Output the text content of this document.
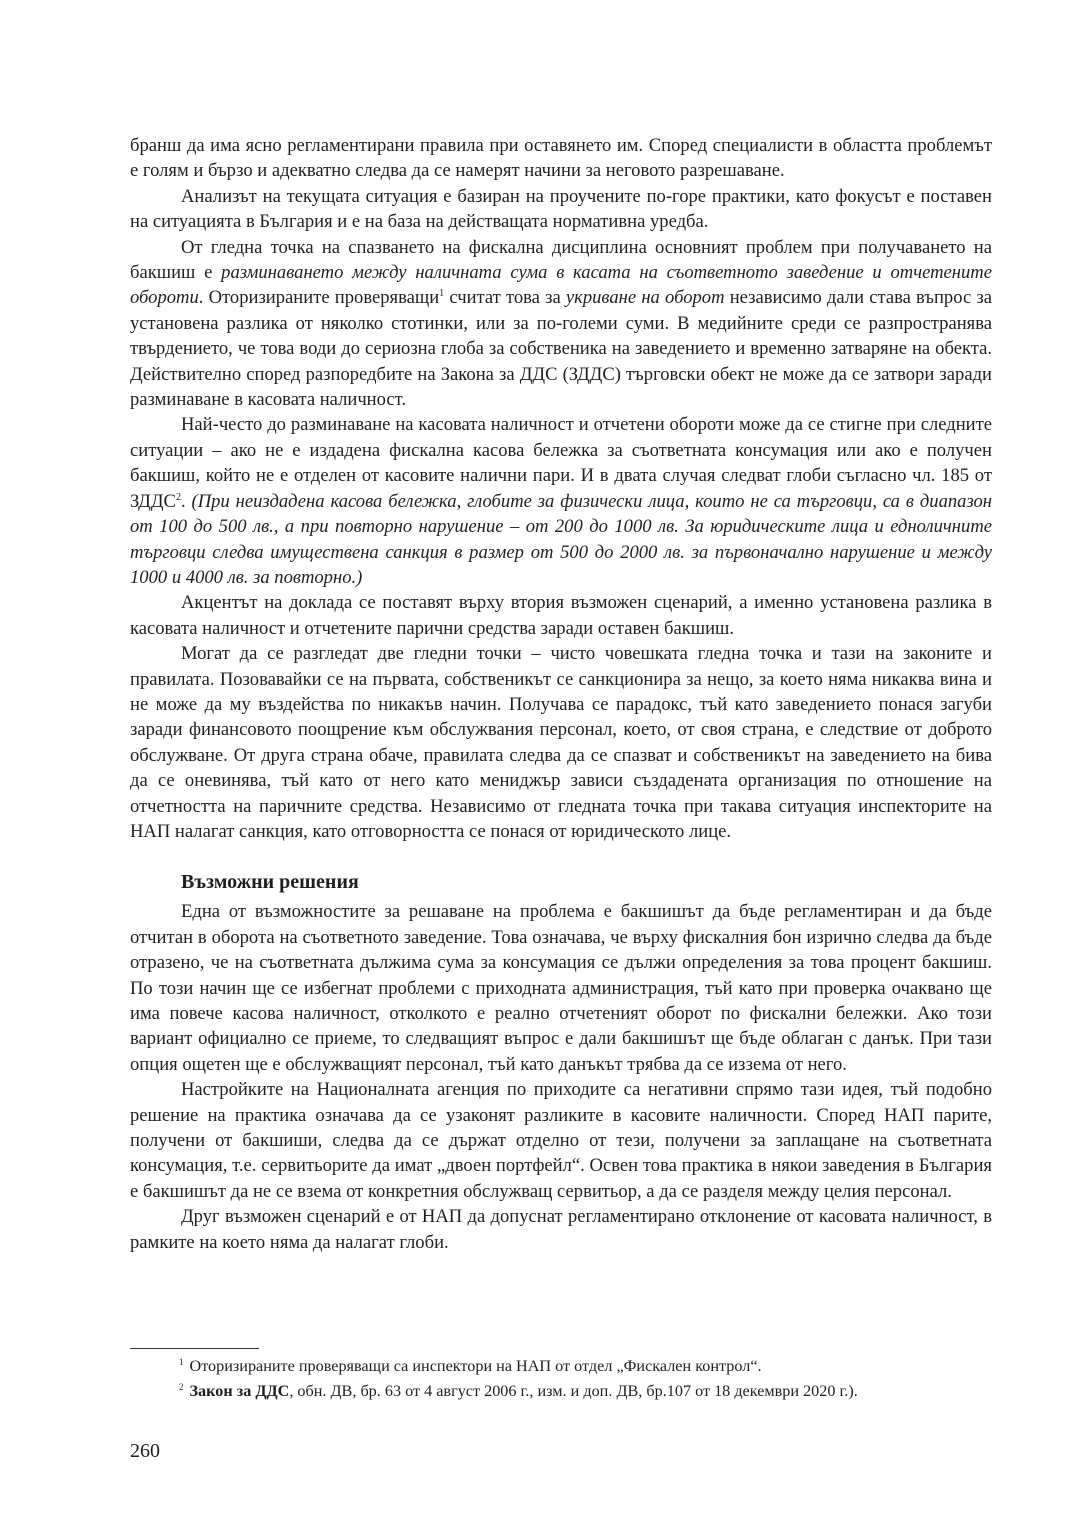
бранш да има ясно регламентирани правила при оставянето им. Според специалисти в областта проблемът е голям и бързо и адекватно следва да се намерят начини за неговото разрешаване.

Анализът на текущата ситуация е базиран на проучените по-горе практики, като фокусът е поставен на ситуацията в България и е на база на действащата нормативна уредба.

От гледна точка на спазването на фискална дисциплина основният проблем при получаването на бакшиш е разминаването между наличната сума в касата на съответното заведение и отчетените обороти. Оторизираните проверяващи$^1$ считат това за укриване на оборот независимо дали става въпрос за установена разлика от няколко стотинки, или за по-големи суми. В медийните среди се разпространява твърдението, че това води до сериозна глоба за собственика на заведението и временно затваряне на обекта. Действително според разпоредбите на Закона за ДДС (ЗДДС) търговски обект не може да се затвори заради разминаване в касовата наличност.

Най-често до разминаване на касовата наличност и отчетени обороти може да се стигне при следните ситуации – ако не е издадена фискална касова бележка за съответната консумация или ако е получен бакшиш, който не е отделен от касовите налични пари. И в двата случая следват глоби съгласно чл. 185 от ЗДДС$^2$. (При неиздадена касова бележка, глобите за физически лица, които не са търговци, са в диапазон от 100 до 500 лв., а при повторно нарушение – от 200 до 1000 лв. За юридическите лица и едноличните търговци следва имуществена санкция в размер от 500 до 2000 лв. за първоначално нарушение и между 1000 и 4000 лв. за повторно.)

Акцентът на доклада се поставят върху втория възможен сценарий, а именно установена разлика в касовата наличност и отчетените парични средства заради оставен бакшиш.

Могат да се разгледат две гледни точки – чисто човешката гледна точка и тази на законите и правилата. Позовавайки се на първата, собственикът се санкционира за нещо, за което няма никаква вина и не може да му въздейства по никакъв начин. Получава се парадокс, тъй като заведението понася загуби заради финансовото поощрение към обслужвания персонал, което, от своя страна, е следствие от доброто обслужване. От друга страна обаче, правилата следва да се спазват и собственикът на заведението на бива да се оневинява, тъй като от него като мениджър зависи създадената организация по отношение на отчетността на паричните средства. Независимо от гледната точка при такава ситуация инспекторите на НАП налагат санкция, като отговорността се понася от юридическото лице.

Възможни решения

Една от възможностите за решаване на проблема е бакшишът да бъде регламентиран и да бъде отчитан в оборота на съответното заведение. Това означава, че върху фискалния бон изрично следва да бъде отразено, че на съответната дължима сума за консумация се дължи определения за това процент бакшиш. По този начин ще се избегнат проблеми с приходната администрация, тъй като при проверка очаквано ще има повече касова наличност, отколкото е реално отчетеният оборот по фискални бележки. Ако този вариант официално се приеме, то следващият въпрос е дали бакшишът ще бъде облаган с данък. При тази опция ощетен ще е обслужващият персонал, тъй като данъкът трябва да се иззема от него.

Настройките на Националната агенция по приходите са негативни спрямо тази идея, тъй подобно решение на практика означава да се узаконят разликите в касовите наличности. Според НАП парите, получени от бакшиши, следва да се държат отделно от тези, получени за заплащане на съответната консумация, т.е. сервитьорите да имат „двоен портфейл“. Освен това практика в някои заведения в България е бакшишът да не се взема от конкретния обслужващ сервитьор, а да се разделя между целия персонал.

Друг възможен сценарий е от НАП да допуснат регламентирано отклонение от касовата наличност, в рамките на което няма да налагат глоби.

$^1$ Оторизираните проверяващи са инспектори на НАП от отдел „Фискален контрол“.
$^2$ Закон за ДДС, обн. ДВ, бр. 63 от 4 август 2006 г., изм. и доп. ДВ, бр.107 от 18 декември 2020 г.).
260
